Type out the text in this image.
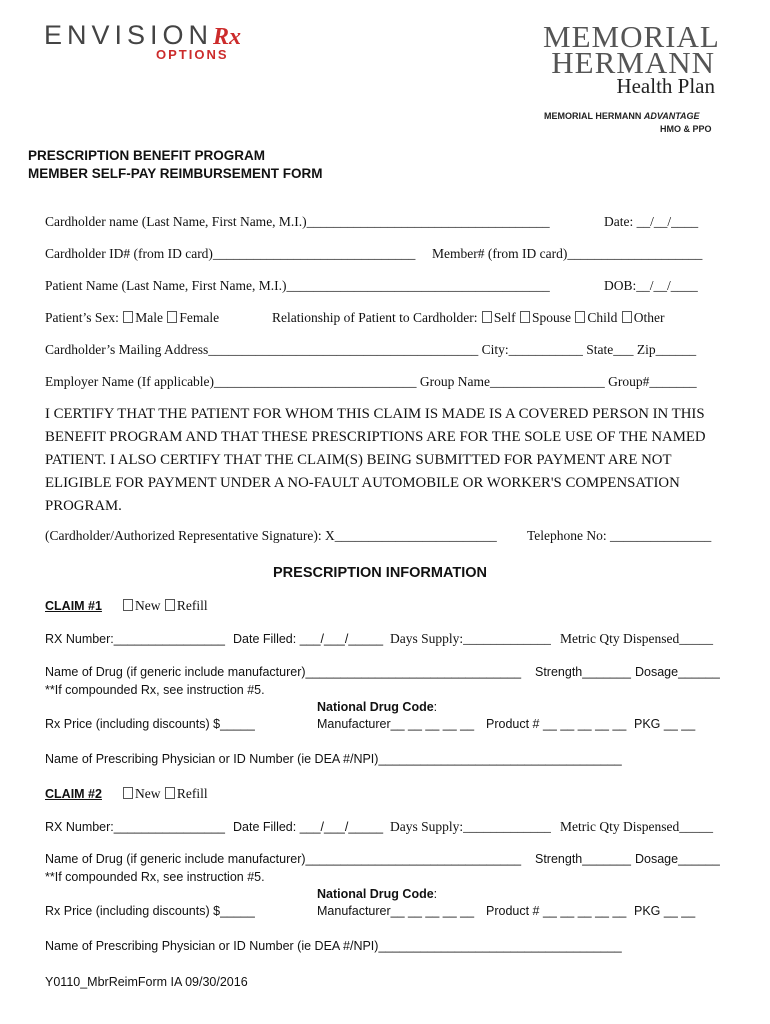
ENVISIONRx
OPTIONS
MEMORIAL
HERMANN
Health Plan
MEMORIAL HERMANN ADVANTAGE
HMO & PPO
PRESCRIPTION BENEFIT PROGRAM
MEMBER SELF-PAY REIMBURSEMENT FORM
Cardholder name (Last Name, First Name, M.I.)____________________________________	Date: __/__/____
Cardholder ID# (from ID card)______________________________ Member# (from ID card)____________________
Patient Name (Last Name, First Name, M.I.)_______________________________________	DOB:__/__/____
Patient’s Sex: Male Female	Relationship of Patient to Cardholder: Self Spouse Child Other
Cardholder’s Mailing Address________________________________________ City:___________ State___ Zip______
Employer Name (If applicable)______________________________ Group Name_________________ Group#_______
I CERTIFY THAT THE PATIENT FOR WHOM THIS CLAIM IS MADE IS A COVERED PERSON IN THIS BENEFIT PROGRAM AND THAT THESE PRESCRIPTIONS ARE FOR THE SOLE USE OF THE NAMED PATIENT. I ALSO CERTIFY THAT THE CLAIM(S) BEING SUBMITTED FOR PAYMENT ARE NOT ELIGIBLE FOR PAYMENT UNDER A NO-FAULT AUTOMOBILE OR WORKER'S COMPENSATION PROGRAM.
(Cardholder/Authorized Representative Signature): X________________________ Telephone No: _______________
PRESCRIPTION INFORMATION
CLAIM #1	New Refill
RX Number:________________ Date Filled: ___/___/_____ Days Supply:_____________ Metric Qty Dispensed_____
Name of Drug (if generic include manufacturer)_______________________________ Strength_______ Dosage______
**If compounded Rx, see instruction #5.
National Drug Code:
Rx Price (including discounts) $_____	Manufacturer__ __ __ __ __ Product # __ __ __ __ __ PKG __ __
Name of Prescribing Physician or ID Number (ie DEA #/NPI)___________________________________
CLAIM #2	New Refill
RX Number:________________ Date Filled: ___/___/_____ Days Supply:_____________ Metric Qty Dispensed_____
Name of Drug (if generic include manufacturer)_______________________________ Strength_______ Dosage______
**If compounded Rx, see instruction #5.
National Drug Code:
Rx Price (including discounts) $_____	Manufacturer__ __ __ __ __ Product # __ __ __ __ __ PKG __ __
Name of Prescribing Physician or ID Number (ie DEA #/NPI)___________________________________
Y0110_MbrReimForm IA 09/30/2016
